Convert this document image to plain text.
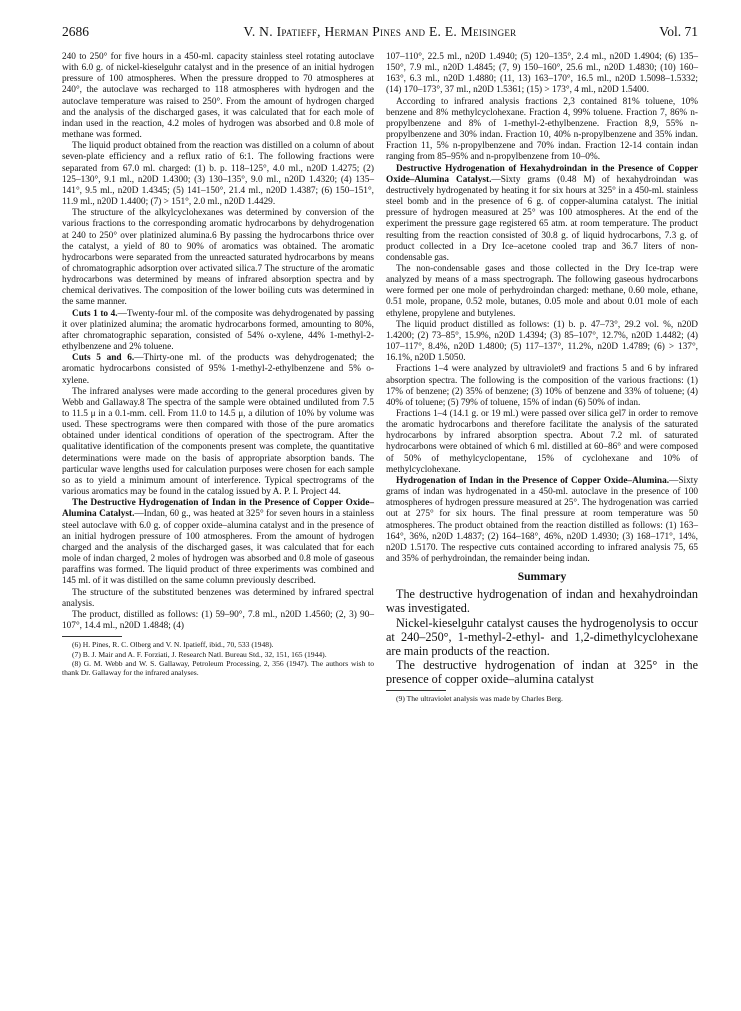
2686	V. N. Ipatieff, Herman Pines and E. E. Meisinger	Vol. 71

240 to 250° for five hours in a 450-ml. capacity stainless steel rotating autoclave with 6.0 g. of nickel-kieselguhr catalyst and in the presence of an initial hydrogen pressure of 100 atmospheres. When the pressure dropped to 70 atmospheres at 240°, the autoclave was recharged to 118 atmospheres with hydrogen and the autoclave temperature was raised to 250°. From the amount of hydrogen charged and the analysis of the discharged gases, it was calculated that for each mole of indan used in the reaction, 4.2 moles of hydrogen was absorbed and 0.8 mole of methane was formed.

The liquid product obtained from the reaction was distilled on a column of about seven-plate efficiency and a reflux ratio of 6:1. The following fractions were separated from 67.0 ml. charged: (1) b. p. 118–125°, 4.0 ml., n20D 1.4275; (2) 125–130°, 9.1 ml., n20D 1.4300; (3) 130–135°, 9.0 ml., n20D 1.4320; (4) 135–141°, 9.5 ml., n20D 1.4345; (5) 141–150°, 21.4 ml., n20D 1.4387; (6) 150–151°, 11.9 ml., n20D 1.4400; (7) > 151°, 2.0 ml., n20D 1.4429.

The structure of the alkylcyclohexanes was determined by conversion of the various fractions to the corresponding aromatic hydrocarbons by dehydrogenation at 240 to 250° over platinized alumina.6 By passing the hydrocarbons thrice over the catalyst, a yield of 80 to 90% of aromatics was obtained. The aromatic hydrocarbons were separated from the unreacted saturated hydrocarbons by means of chromatographic adsorption over activated silica.7 The structure of the aromatic hydrocarbons was determined by means of infrared absorption spectra and by chemical derivatives. The composition of the lower boiling cuts was determined in the same manner.

Cuts 1 to 4.—Twenty-four ml. of the composite was dehydrogenated by passing it over platinized alumina; the aromatic hydrocarbons formed, amounting to 80%, after chromatographic separation, consisted of 54% o-xylene, 44% 1-methyl-2-ethylbenzene and 2% toluene.

Cuts 5 and 6.—Thirty-one ml. of the products was dehydrogenated; the aromatic hydrocarbons consisted of 95% 1-methyl-2-ethylbenzene and 5% o-xylene.

The infrared analyses were made according to the general procedures given by Webb and Gallaway.8 The spectra of the sample were obtained undiluted from 7.5 to 11.5 μ in a 0.1-mm. cell. From 11.0 to 14.5 μ, a dilution of 10% by volume was used. These spectrograms were then compared with those of the pure aromatics obtained under identical conditions of operation of the spectrogram. After the qualitative identification of the components present was complete, the quantitative determinations were made on the basis of appropriate absorption bands. The particular wave lengths used for calculation purposes were chosen for each sample so as to yield a minimum amount of interference. Typical spectrograms of the various aromatics may be found in the catalog issued by A. P. I. Project 44.

The Destructive Hydrogenation of Indan in the Presence of Copper Oxide–Alumina Catalyst.—Indan, 60 g., was heated at 325° for seven hours in a stainless steel autoclave with 6.0 g. of copper oxide–alumina catalyst and in the presence of an initial hydrogen pressure of 100 atmospheres. From the amount of hydrogen charged and the analysis of the discharged gases, it was calculated that for each mole of indan charged, 2 moles of hydrogen was absorbed and 0.8 mole of gaseous paraffins was formed. The liquid product of three experiments was combined and 145 ml. of it was distilled on the same column previously described.

The structure of the substituted benzenes was determined by infrared spectral analysis.

The product, distilled as follows: (1) 59–90°, 7.8 ml., n20D 1.4560; (2, 3) 90–107°, 14.4 ml., n20D 1.4848; (4)

(6) H. Pines, R. C. Olberg and V. N. Ipatieff, ibid., 70, 533 (1948).

(7) B. J. Mair and A. F. Forziati, J. Research Natl. Bureau Std., 32, 151, 165 (1944).

(8) G. M. Webb and W. S. Gallaway, Petroleum Processing, 2, 356 (1947). The authors wish to thank Dr. Gallaway for the infrared analyses.

107–110°, 22.5 ml., n20D 1.4940; (5) 120–135°, 2.4 ml., n20D 1.4904; (6) 135–150°, 7.9 ml., n20D 1.4845; (7, 9) 150–160°, 25.6 ml., n20D 1.4830; (10) 160–163°, 6.3 ml., n20D 1.4880; (11, 13) 163–170°, 16.5 ml., n20D 1.5098–1.5332; (14) 170–173°, 37 ml., n20D 1.5361; (15) > 173°, 4 ml., n20D 1.5400.

According to infrared analysis fractions 2,3 contained 81% toluene, 10% benzene and 8% methylcyclohexane. Fraction 4, 99% toluene. Fraction 7, 86% n-propylbenzene and 8% of 1-methyl-2-ethylbenzene. Fraction 8,9, 55% n-propylbenzene and 30% indan. Fraction 10, 40% n-propylbenzene and 35% indan. Fraction 11, 5% n-propylbenzene and 70% indan. Fraction 12-14 contain indan ranging from 85–95% and n-propylbenzene from 10–0%.

Destructive Hydrogenation of Hexahydroindan in the Presence of Copper Oxide–Alumina Catalyst.—Sixty grams (0.48 M) of hexahydroindan was destructively hydrogenated by heating it for six hours at 325° in a 450-ml. stainless steel bomb and in the presence of 6 g. of copper-alumina catalyst. The initial pressure of hydrogen measured at 25° was 100 atmospheres. At the end of the experiment the pressure gage registered 65 atm. at room temperature. The product resulting from the reaction consisted of 30.8 g. of liquid hydrocarbons, 7.3 g. of product collected in a Dry Ice–acetone cooled trap and 36.7 liters of non-condensable gas.

The non-condensable gases and those collected in the Dry Ice-trap were analyzed by means of a mass spectrograph. The following gaseous hydrocarbons were formed per one mole of perhydroindan charged: methane, 0.60 mole, ethane, 0.51 mole, propane, 0.52 mole, butanes, 0.05 mole and about 0.01 mole of each ethylene, propylene and butylenes.

The liquid product distilled as follows: (1) b. p. 47–73°, 29.2 vol. %, n20D 1.4200; (2) 73–85°, 15.9%, n20D 1.4394; (3) 85–107°, 12.7%, n20D 1.4482; (4) 107–117°, 8.4%, n20D 1.4800; (5) 117–137°, 11.2%, n20D 1.4789; (6) > 137°, 16.1%, n20D 1.5050.

Fractions 1–4 were analyzed by ultraviolet9 and fractions 5 and 6 by infrared absorption spectra. The following is the composition of the various fractions: (1) 17% of benzene; (2) 35% of benzene; (3) 10% of benzene and 33% of toluene; (4) 40% of toluene; (5) 79% of toluene, 15% of indan (6) 50% of indan.

Fractions 1–4 (14.1 g. or 19 ml.) were passed over silica gel7 in order to remove the aromatic hydrocarbons and therefore facilitate the analysis of the saturated hydrocarbons by infrared absorption spectra. About 7.2 ml. of saturated hydrocarbons were obtained of which 6 ml. distilled at 60–86° and were composed of 50% of methylcyclopentane, 15% of cyclohexane and 10% of methylcyclohexane.

Hydrogenation of Indan in the Presence of Copper Oxide–Alumina.—Sixty grams of indan was hydrogenated in a 450-ml. autoclave in the presence of 100 atmospheres of hydrogen pressure measured at 25°. The hydrogenation was carried out at 275° for six hours. The final pressure at room temperature was 50 atmospheres. The product obtained from the reaction distilled as follows: (1) 163–164°, 36%, n20D 1.4837; (2) 164–168°, 46%, n20D 1.4930; (3) 168–171°, 14%, n20D 1.5170. The respective cuts contained according to infrared analysis 75, 65 and 35% of perhydroindan, the remainder being indan.

Summary

The destructive hydrogenation of indan and hexahydroindan was investigated.

Nickel-kieselguhr catalyst causes the hydrogenolysis to occur at 240–250°, 1-methyl-2-ethyl- and 1,2-dimethylcyclohexane are main products of the reaction.

The destructive hydrogenation of indan at 325° in the presence of copper oxide–alumina catalyst

(9) The ultraviolet analysis was made by Charles Berg.
